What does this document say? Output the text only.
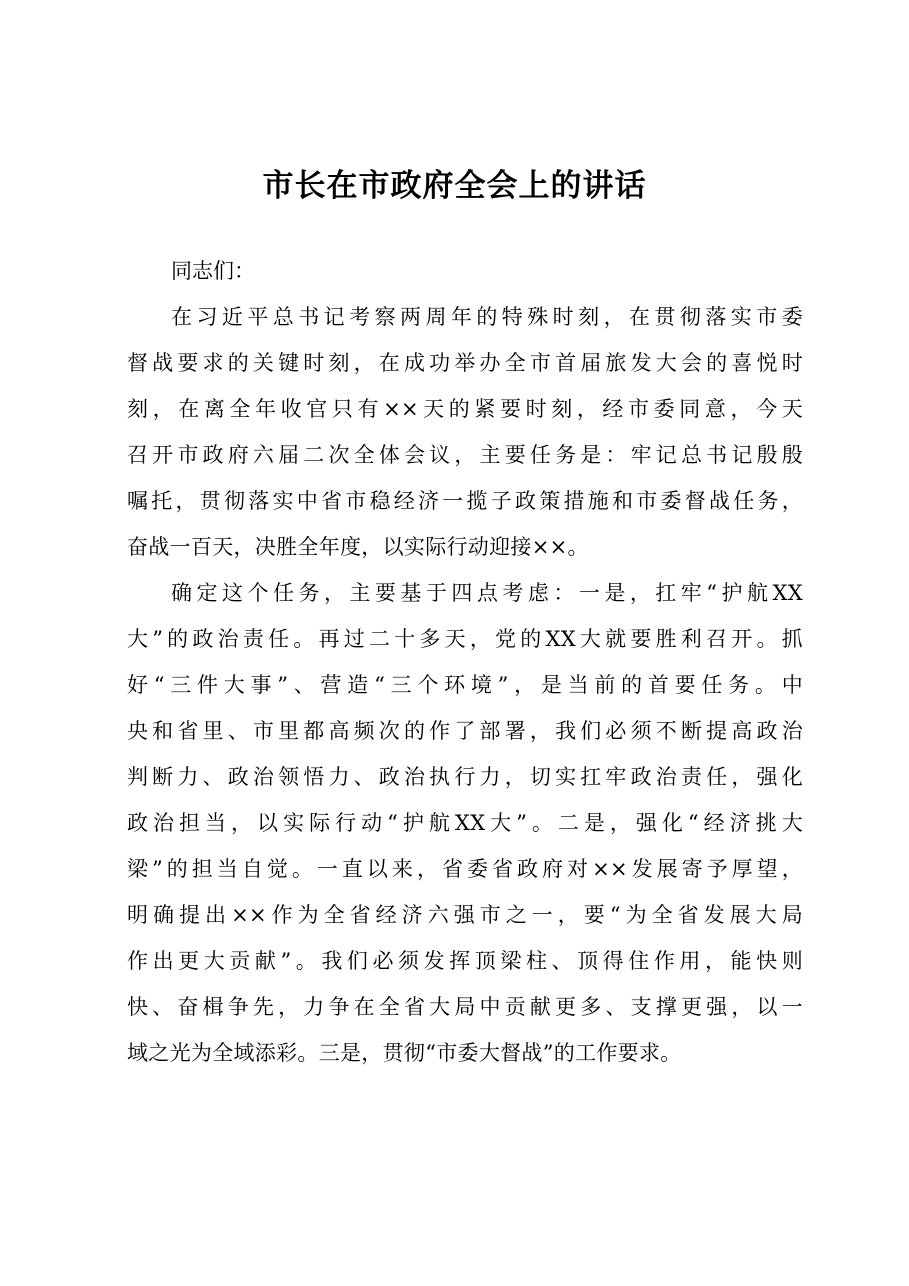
市长在市政府全会上的讲话

同志们：

在习近平总书记考察两周年的特殊时刻，在贯彻落实市委
督战要求的关键时刻，在成功举办全市首届旅发大会的喜悦时
刻，在离全年收官只有××天的紧要时刻，经市委同意，今天
召开市政府六届二次全体会议，主要任务是：牢记总书记殷殷
嘱托，贯彻落实中省市稳经济一揽子政策措施和市委督战任务，
奋战一百天，决胜全年度，以实际行动迎接××。
确定这个任务，主要基于四点考虑：一是，扛牢“护航XX
大”的政治责任。再过二十多天，党的XX大就要胜利召开。抓
好“三件大事”、营造“三个环境”，是当前的首要任务。中
央和省里、市里都高频次的作了部署，我们必须不断提高政治
判断力、政治领悟力、政治执行力，切实扛牢政治责任，强化
政治担当，以实际行动“护航XX大”。二是，强化“经济挑大
梁”的担当自觉。一直以来，省委省政府对××发展寄予厚望，
明确提出××作为全省经济六强市之一，要“为全省发展大局
作出更大贡献”。我们必须发挥顶梁柱、顶得住作用，能快则
快、奋楫争先，力争在全省大局中贡献更多、支撑更强，以一
域之光为全域添彩。三是，贯彻“市委大督战”的工作要求。
